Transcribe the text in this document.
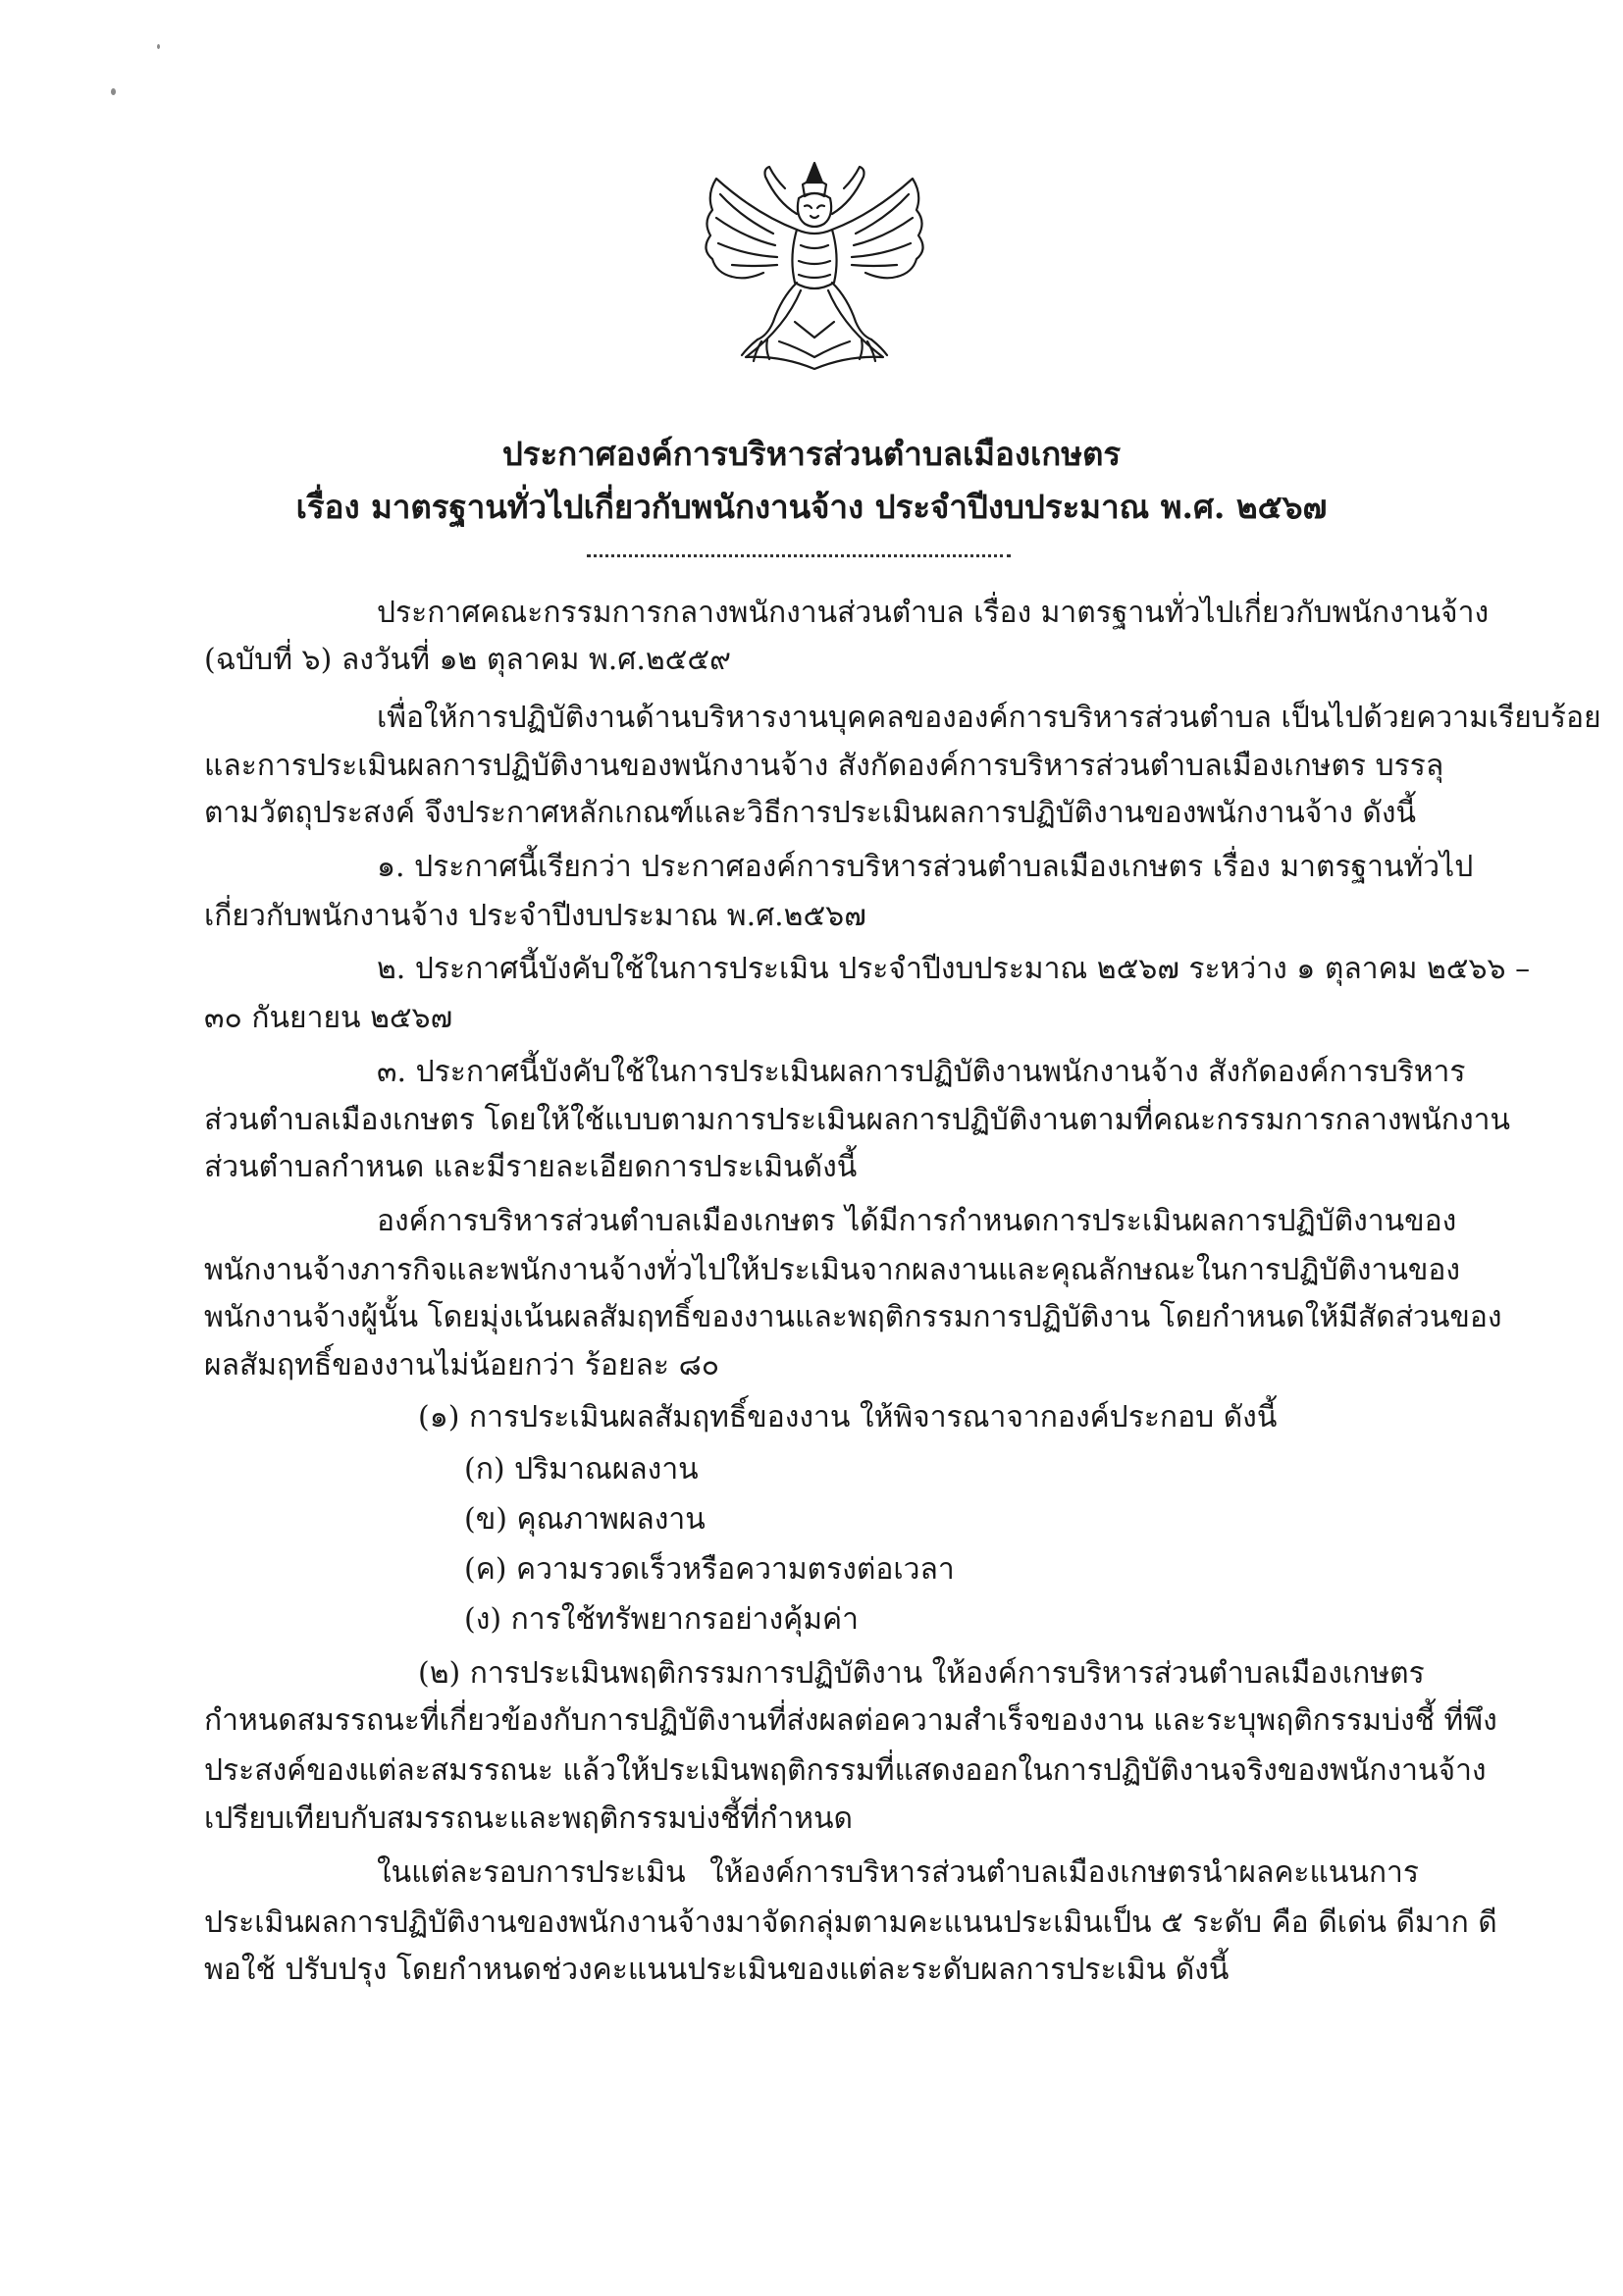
ประกาศองค์การบริหารส่วนตำบลเมืองเกษตร
เรื่อง มาตรฐานทั่วไปเกี่ยวกับพนักงานจ้าง ประจำปีงบประมาณ พ.ศ. ๒๕๖๗
ประกาศคณะกรรมการกลางพนักงานส่วนตำบล เรื่อง มาตรฐานทั่วไปเกี่ยวกับพนักงานจ้าง
(ฉบับที่ ๖) ลงวันที่ ๑๒ ตุลาคม พ.ศ.๒๕๕๙
เพื่อให้การปฏิบัติงานด้านบริหารงานบุคคลขององค์การบริหารส่วนตำบล เป็นไปด้วยความเรียบร้อย
และการประเมินผลการปฏิบัติงานของพนักงานจ้าง สังกัดองค์การบริหารส่วนตำบลเมืองเกษตร บรรลุ
ตามวัตถุประสงค์ จึงประกาศหลักเกณฑ์และวิธีการประเมินผลการปฏิบัติงานของพนักงานจ้าง ดังนี้
๑. ประกาศนี้เรียกว่า ประกาศองค์การบริหารส่วนตำบลเมืองเกษตร เรื่อง มาตรฐานทั่วไป
เกี่ยวกับพนักงานจ้าง ประจำปีงบประมาณ พ.ศ.๒๕๖๗
๒. ประกาศนี้บังคับใช้ในการประเมิน ประจำปีงบประมาณ ๒๕๖๗ ระหว่าง ๑ ตุลาคม ๒๕๖๖ –
๓๐ กันยายน ๒๕๖๗
๓. ประกาศนี้บังคับใช้ในการประเมินผลการปฏิบัติงานพนักงานจ้าง สังกัดองค์การบริหาร
ส่วนตำบลเมืองเกษตร โดยให้ใช้แบบตามการประเมินผลการปฏิบัติงานตามที่คณะกรรมการกลางพนักงาน
ส่วนตำบลกำหนด และมีรายละเอียดการประเมินดังนี้
องค์การบริหารส่วนตำบลเมืองเกษตร ได้มีการกำหนดการประเมินผลการปฏิบัติงานของ
พนักงานจ้างภารกิจและพนักงานจ้างทั่วไปให้ประเมินจากผลงานและคุณลักษณะในการปฏิบัติงานของ
พนักงานจ้างผู้นั้น โดยมุ่งเน้นผลสัมฤทธิ์ของงานและพฤติกรรมการปฏิบัติงาน โดยกำหนดให้มีสัดส่วนของ
ผลสัมฤทธิ์ของงานไม่น้อยกว่า ร้อยละ ๘๐
(๑) การประเมินผลสัมฤทธิ์ของงาน ให้พิจารณาจากองค์ประกอบ ดังนี้
(ก) ปริมาณผลงาน
(ข) คุณภาพผลงาน
(ค) ความรวดเร็วหรือความตรงต่อเวลา
(ง) การใช้ทรัพยากรอย่างคุ้มค่า
(๒) การประเมินพฤติกรรมการปฏิบัติงาน ให้องค์การบริหารส่วนตำบลเมืองเกษตร
กำหนดสมรรถนะที่เกี่ยวข้องกับการปฏิบัติงานที่ส่งผลต่อความสำเร็จของงาน และระบุพฤติกรรมบ่งชี้ ที่พึง
ประสงค์ของแต่ละสมรรถนะ แล้วให้ประเมินพฤติกรรมที่แสดงออกในการปฏิบัติงานจริงของพนักงานจ้าง
เปรียบเทียบกับสมรรถนะและพฤติกรรมบ่งชี้ที่กำหนด
ในแต่ละรอบการประเมิน ให้องค์การบริหารส่วนตำบลเมืองเกษตรนำผลคะแนนการ
ประเมินผลการปฏิบัติงานของพนักงานจ้างมาจัดกลุ่มตามคะแนนประเมินเป็น ๕ ระดับ คือ ดีเด่น ดีมาก ดี
พอใช้ ปรับปรุง โดยกำหนดช่วงคะแนนประเมินของแต่ละระดับผลการประเมิน ดังนี้
